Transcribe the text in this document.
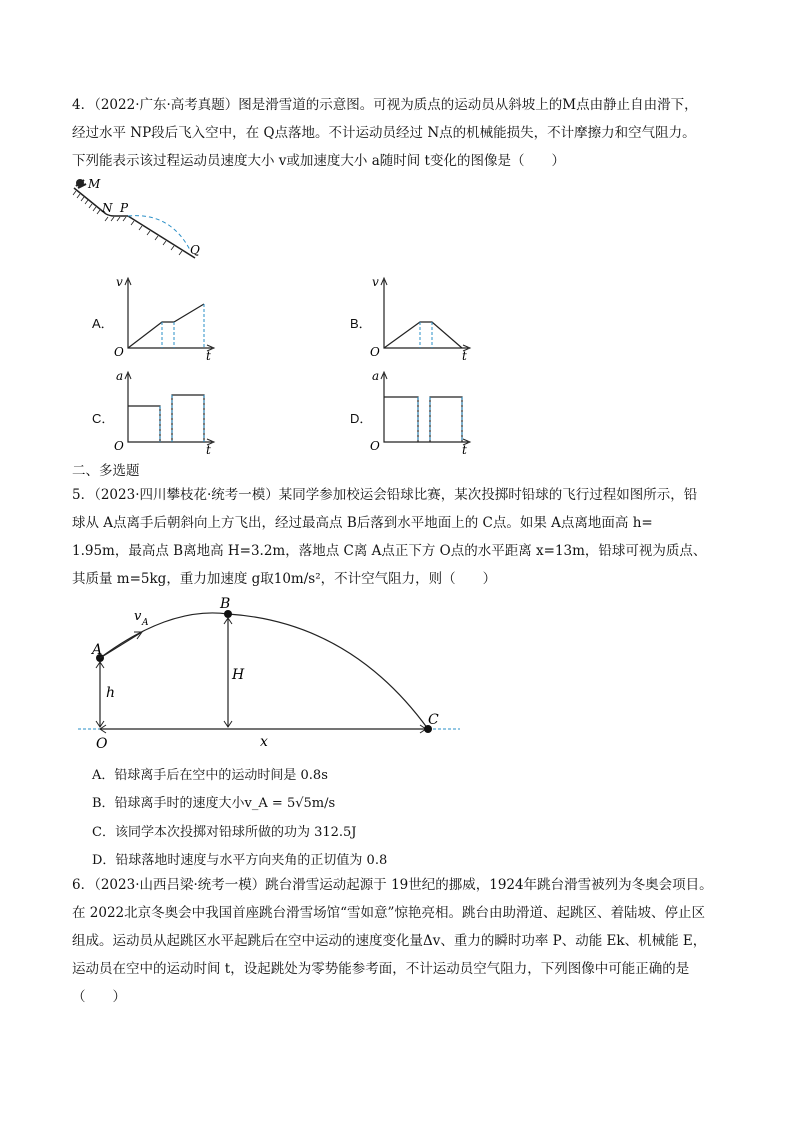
4．（2022·广东·高考真题）图是滑雪道的示意图。可视为质点的运动员从斜坡上的M点由静止自由滑下，
经过水平 NP段后飞入空中，在 Q点落地。不计运动员经过 N点的机械能损失，不计摩擦力和空气阻力。
下列能表示该过程运动员速度大小 v或加速度大小 a随时间 t变化的图像是（　　）
M
N P
Q
A．
v
O	t
B．
v
O	t
C．
a
O	t
D．
a
O	t
二、多选题
5．（2023·四川攀枝花·统考一模）某同学参加校运会铅球比赛，某次投掷时铅球的飞行过程如图所示，铅
球从 A点离手后朝斜向上方飞出，经过最高点 B后落到水平地面上的 C点。如果 A点离地面高 h=
1.95m，最高点 B离地高 H=3.2m，落地点 C离 A点正下方 O点的水平距离 x=13m，铅球可视为质点、
其质量 m=5kg，重力加速度 g取10m/s²，不计空气阻力，则（　　）
A
B
C
O
h
H
x
v A
A．铅球离手后在空中的运动时间是 0.8s
B．铅球离手时的速度大小v_A = 5√5m/s
C．该同学本次投掷对铅球所做的功为 312.5J
D．铅球落地时速度与水平方向夹角的正切值为 0.8
6．（2023·山西吕梁·统考一模）跳台滑雪运动起源于 19世纪的挪威，1924年跳台滑雪被列为冬奥会项目。
在 2022北京冬奥会中我国首座跳台滑雪场馆“雪如意”惊艳亮相。跳台由助滑道、起跳区、着陆坡、停止区
组成。运动员从起跳区水平起跳后在空中运动的速度变化量Δv、重力的瞬时功率 P、动能 Ek、机械能 E，
运动员在空中的运动时间 t，设起跳处为零势能参考面，不计运动员空气阻力，下列图像中可能正确的是
（　　）
